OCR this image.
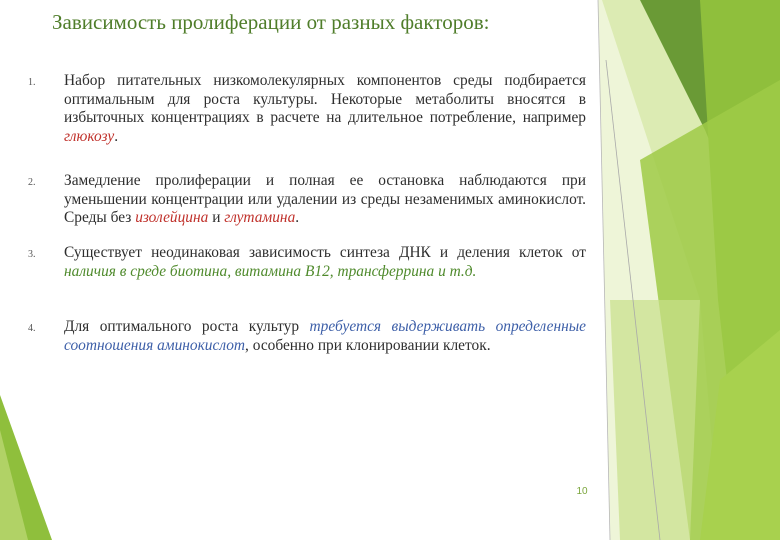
Зависимость пролиферации от разных факторов:
1. Набор питательных низкомолекулярных компонентов среды подбирается оптимальным для роста культуры. Некоторые метаболиты вносятся в избыточных концентрациях в расчете на длительное потребление, например глюкозу.
2. Замедление пролиферации и полная ее остановка наблюдаются при уменьшении концентрации или удалении из среды незаменимых аминокислот. Среды без изолейцина и глутамина.
3. Существует неодинаковая зависимость синтеза ДНК и деления клеток от наличия в среде биотина, витамина В12, трансферрина и т.д.
4. Для оптимального роста культур требуется выдерживать определенные соотношения аминокислот, особенно при клонировании клеток.
10
